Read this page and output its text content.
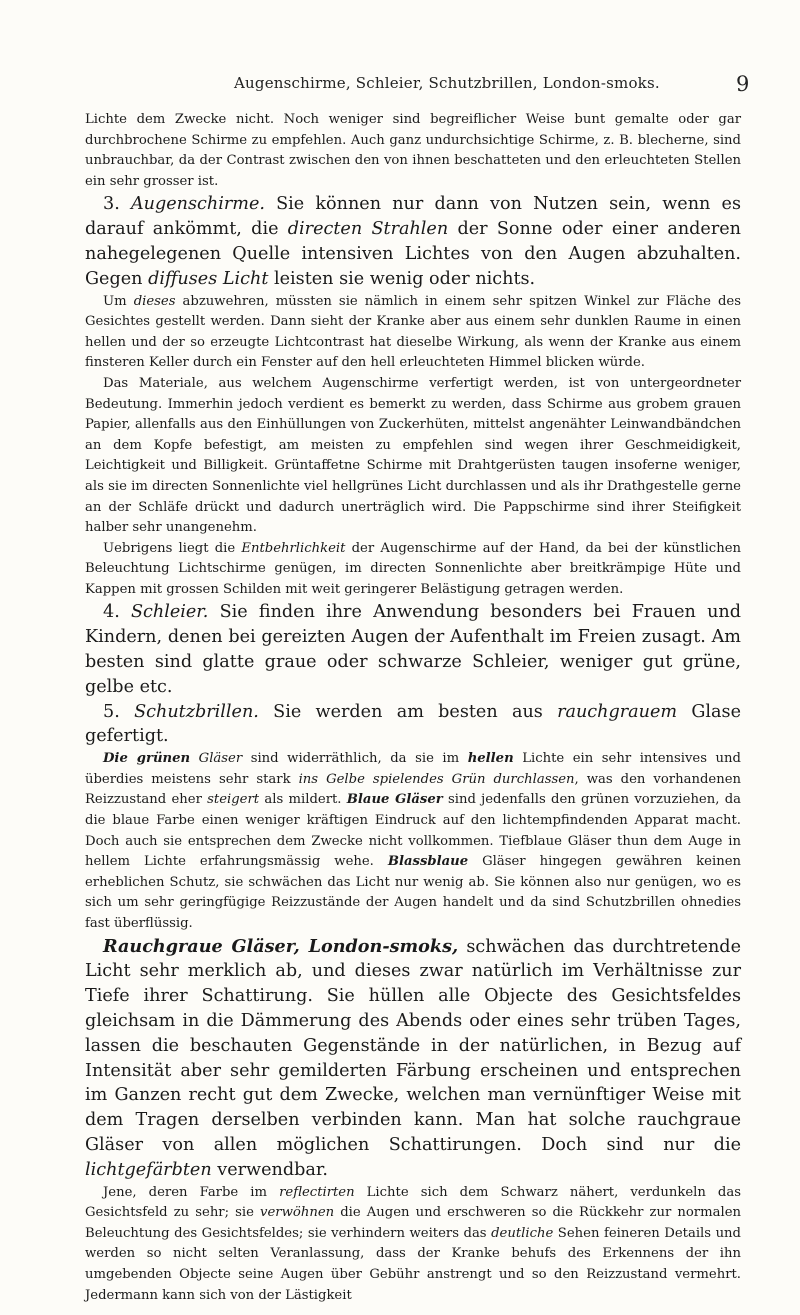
Augenschirme, Schleier, Schutzbrillen, London-smoks.	9

Lichte dem Zwecke nicht. Noch weniger sind begreiflicher Weise bunt gemalte oder gar durchbrochene Schirme zu empfehlen. Auch ganz undurchsichtige Schirme, z. B. blecherne, sind unbrauchbar, da der Contrast zwischen den von ihnen beschatteten und den erleuchteten Stellen ein sehr grosser ist.

3. Augenschirme. Sie können nur dann von Nutzen sein, wenn es darauf ankömmt, die directen Strahlen der Sonne oder einer anderen nahegelegenen Quelle intensiven Lichtes von den Augen abzuhalten. Gegen diffuses Licht leisten sie wenig oder nichts.

Um dieses abzuwehren, müssten sie nämlich in einem sehr spitzen Winkel zur Fläche des Gesichtes gestellt werden. Dann sieht der Kranke aber aus einem sehr dunklen Raume in einen hellen und der so erzeugte Lichtcontrast hat dieselbe Wirkung, als wenn der Kranke aus einem finsteren Keller durch ein Fenster auf den hell erleuchteten Himmel blicken würde.

Das Materiale, aus welchem Augenschirme verfertigt werden, ist von untergeordneter Bedeutung. Immerhin jedoch verdient es bemerkt zu werden, dass Schirme aus grobem grauen Papier, allenfalls aus den Einhüllungen von Zuckerhüten, mittelst angenähter Leinwandbändchen an dem Kopfe befestigt, am meisten zu empfehlen sind wegen ihrer Geschmeidigkeit, Leichtigkeit und Billigkeit. Grüntaffetne Schirme mit Drahtgerüsten taugen insoferne weniger, als sie im directen Sonnenlichte viel hellgrünes Licht durchlassen und als ihr Drathgestelle gerne an der Schläfe drückt und dadurch unerträglich wird. Die Pappschirme sind ihrer Steifigkeit halber sehr unangenehm.

Uebrigens liegt die Entbehrlichkeit der Augenschirme auf der Hand, da bei der künstlichen Beleuchtung Lichtschirme genügen, im directen Sonnenlichte aber breitkrämpige Hüte und Kappen mit grossen Schilden mit weit geringerer Belästigung getragen werden.

4. Schleier. Sie finden ihre Anwendung besonders bei Frauen und Kindern, denen bei gereizten Augen der Aufenthalt im Freien zusagt. Am besten sind glatte graue oder schwarze Schleier, weniger gut grüne, gelbe etc.

5. Schutzbrillen. Sie werden am besten aus rauchgrauem Glase gefertigt.

Die grünen Gläser sind widerräthlich, da sie im hellen Lichte ein sehr intensives und überdies meistens sehr stark ins Gelbe spielendes Grün durchlassen, was den vorhandenen Reizzustand eher steigert als mildert. Blaue Gläser sind jedenfalls den grünen vorzuziehen, da die blaue Farbe einen weniger kräftigen Eindruck auf den lichtempfindenden Apparat macht. Doch auch sie entsprechen dem Zwecke nicht vollkommen. Tiefblaue Gläser thun dem Auge in hellem Lichte erfahrungsmässig wehe. Blassblaue Gläser hingegen gewähren keinen erheblichen Schutz, sie schwächen das Licht nur wenig ab. Sie können also nur genügen, wo es sich um sehr geringfügige Reizzustände der Augen handelt und da sind Schutzbrillen ohnedies fast überflüssig.

Rauchgraue Gläser, London-smoks, schwächen das durchtretende Licht sehr merklich ab, und dieses zwar natürlich im Verhältnisse zur Tiefe ihrer Schattirung. Sie hüllen alle Objecte des Gesichtsfeldes gleichsam in die Dämmerung des Abends oder eines sehr trüben Tages, lassen die beschauten Gegenstände in der natürlichen, in Bezug auf Intensität aber sehr gemilderten Färbung erscheinen und entsprechen im Ganzen recht gut dem Zwecke, welchen man vernünftiger Weise mit dem Tragen derselben verbinden kann. Man hat solche rauchgraue Gläser von allen möglichen Schattirungen. Doch sind nur die lichtgefärbten verwendbar.

Jene, deren Farbe im reflectirten Lichte sich dem Schwarz nähert, verdunkeln das Gesichtsfeld zu sehr; sie verwöhnen die Augen und erschweren so die Rückkehr zur normalen Beleuchtung des Gesichtsfeldes; sie verhindern weiters das deutliche Sehen feineren Details und werden so nicht selten Veranlassung, dass der Kranke behufs des Erkennens der ihn umgebenden Objecte seine Augen über Gebühr anstrengt und so den Reizzustand vermehrt. Jedermann kann sich von der Lästigkeit
